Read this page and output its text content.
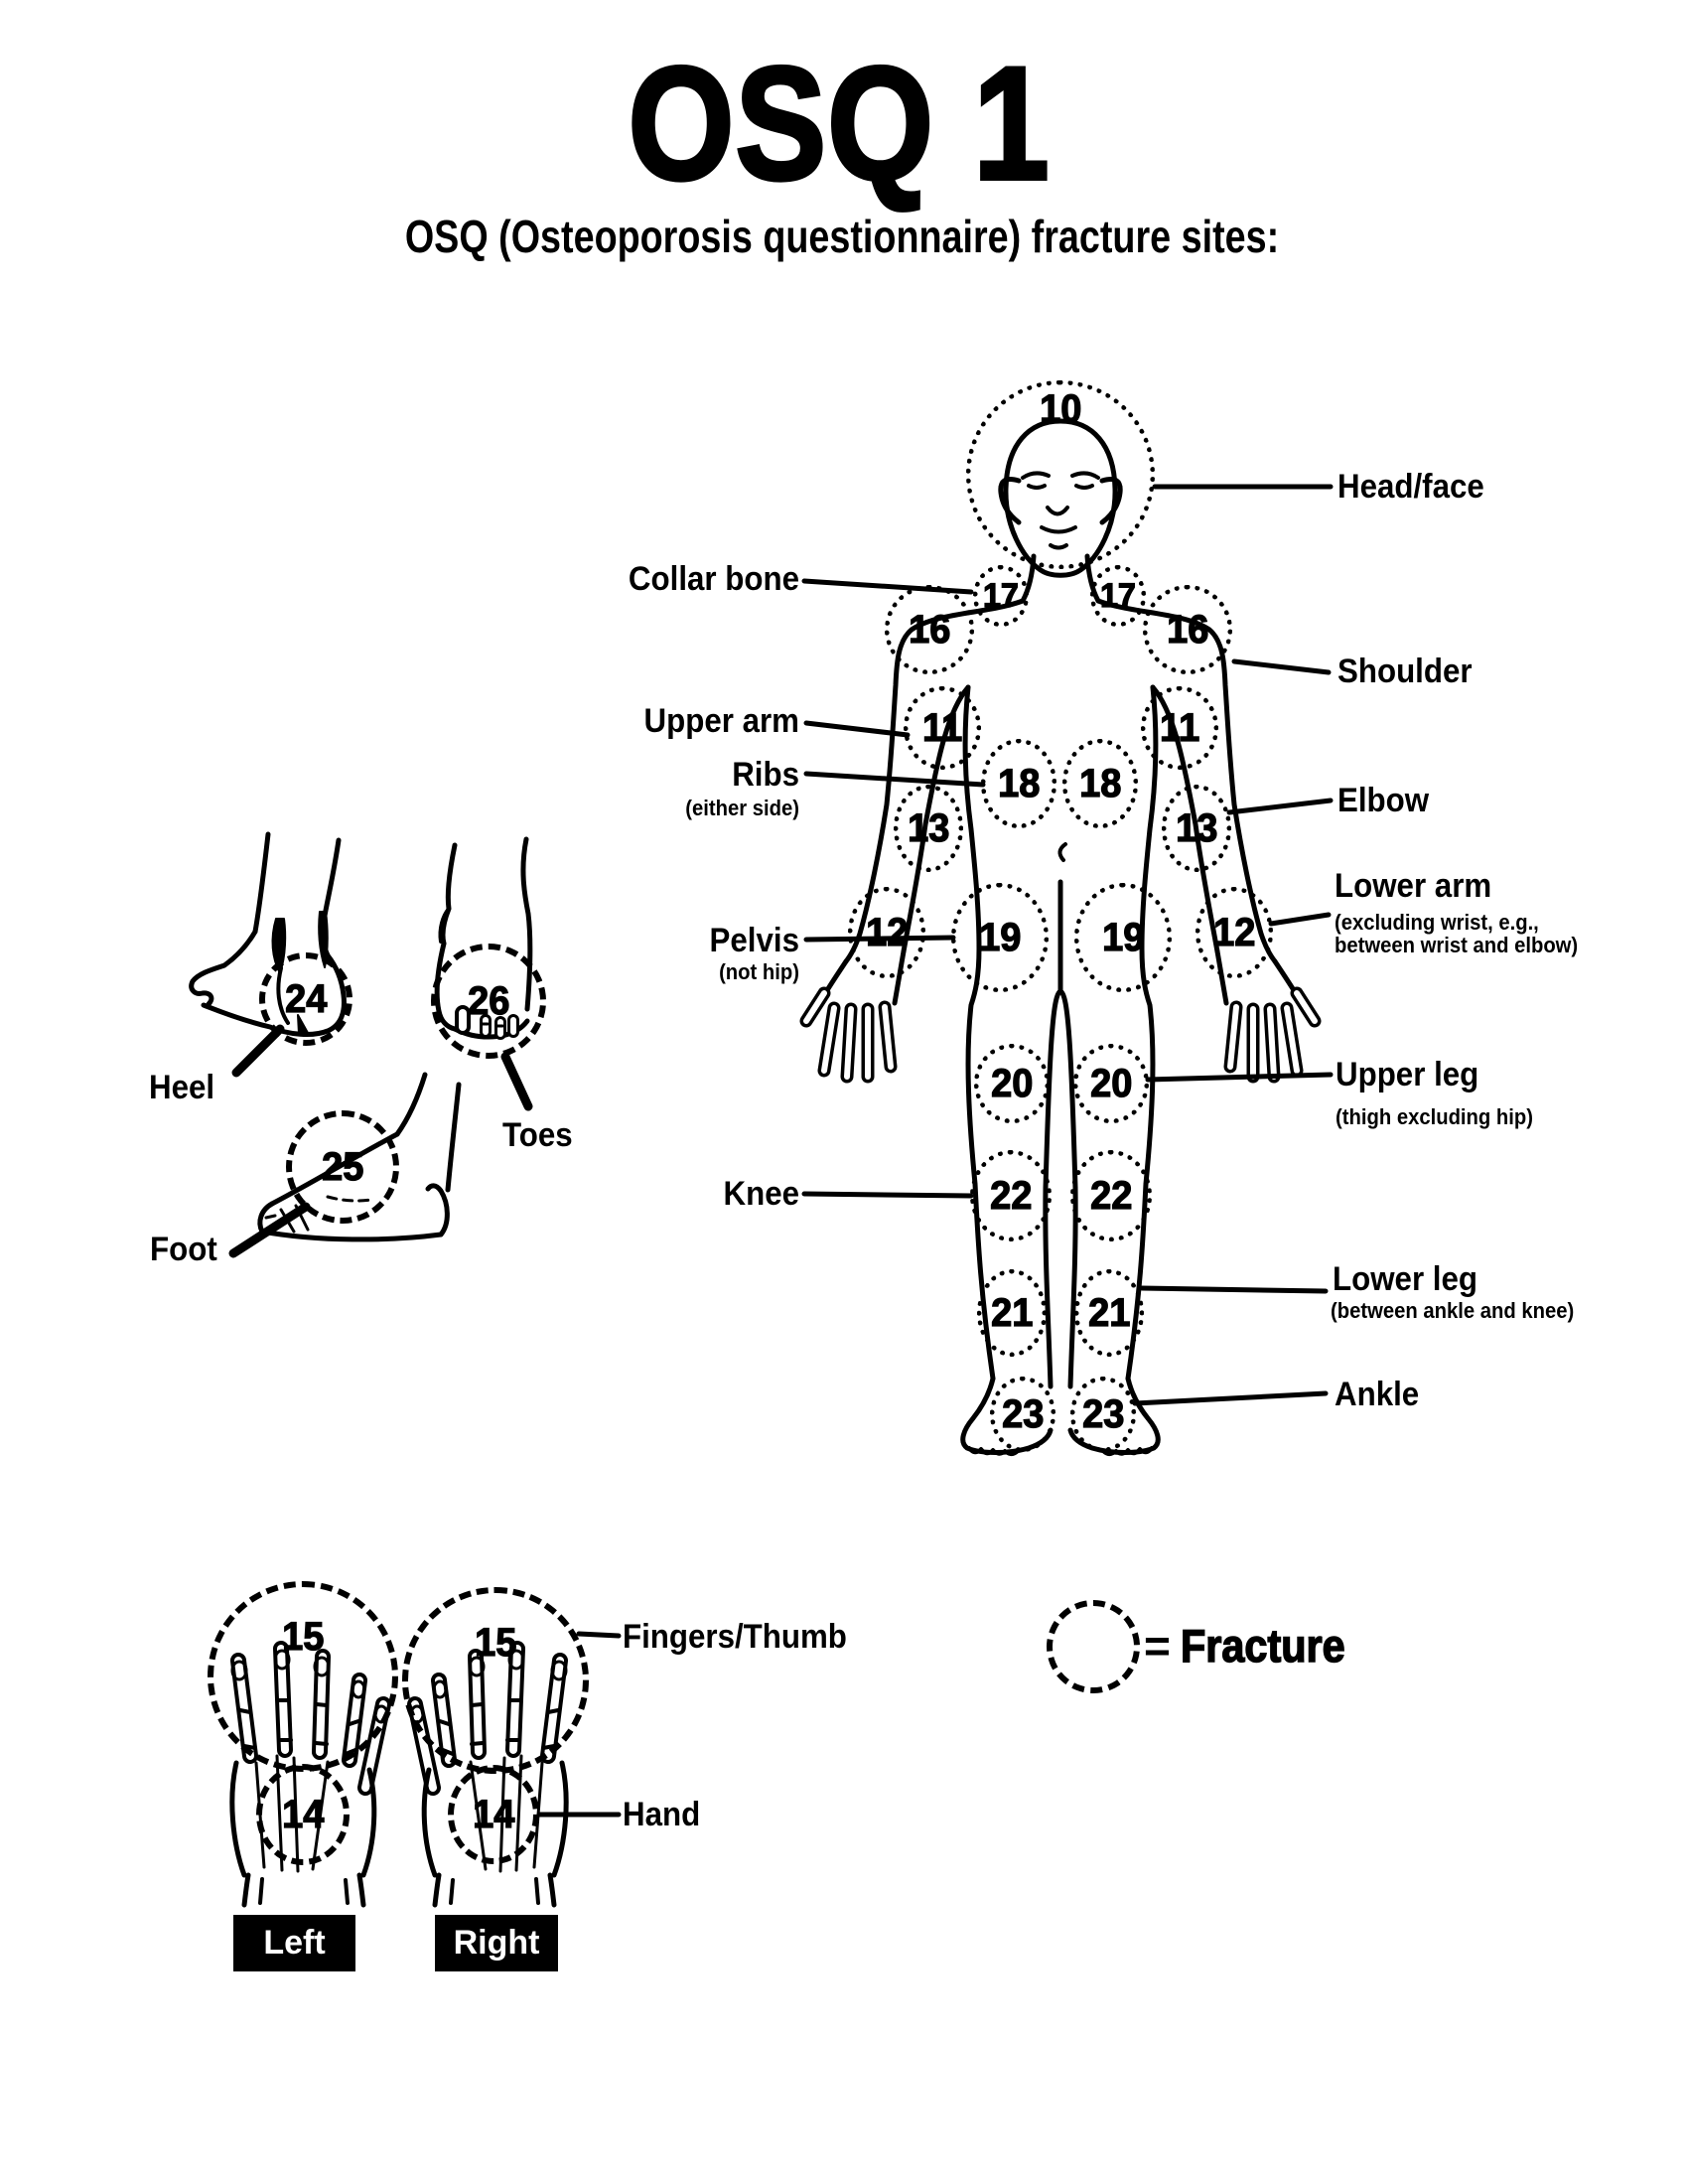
OSQ 1
OSQ (Osteoporosis questionnaire) fracture sites:
10
17 17
16	16
11	11
18 18
13	13
12	12
19 19
20 20
22 22
21 21
23 23
24	26
25
15	15
14	14
Collar bone
Upper arm
Ribs
(either side)
Pelvis
(not hip)
Knee
Head/face
Shoulder
Elbow
Lower arm
(excluding wrist, e.g.,
between wrist and elbow)
Upper leg
(thigh excluding hip)
Lower leg
(between ankle and knee)
Ankle
Heel
Toes
Foot
Fingers/Thumb
Hand
= Fracture
Left	Right
